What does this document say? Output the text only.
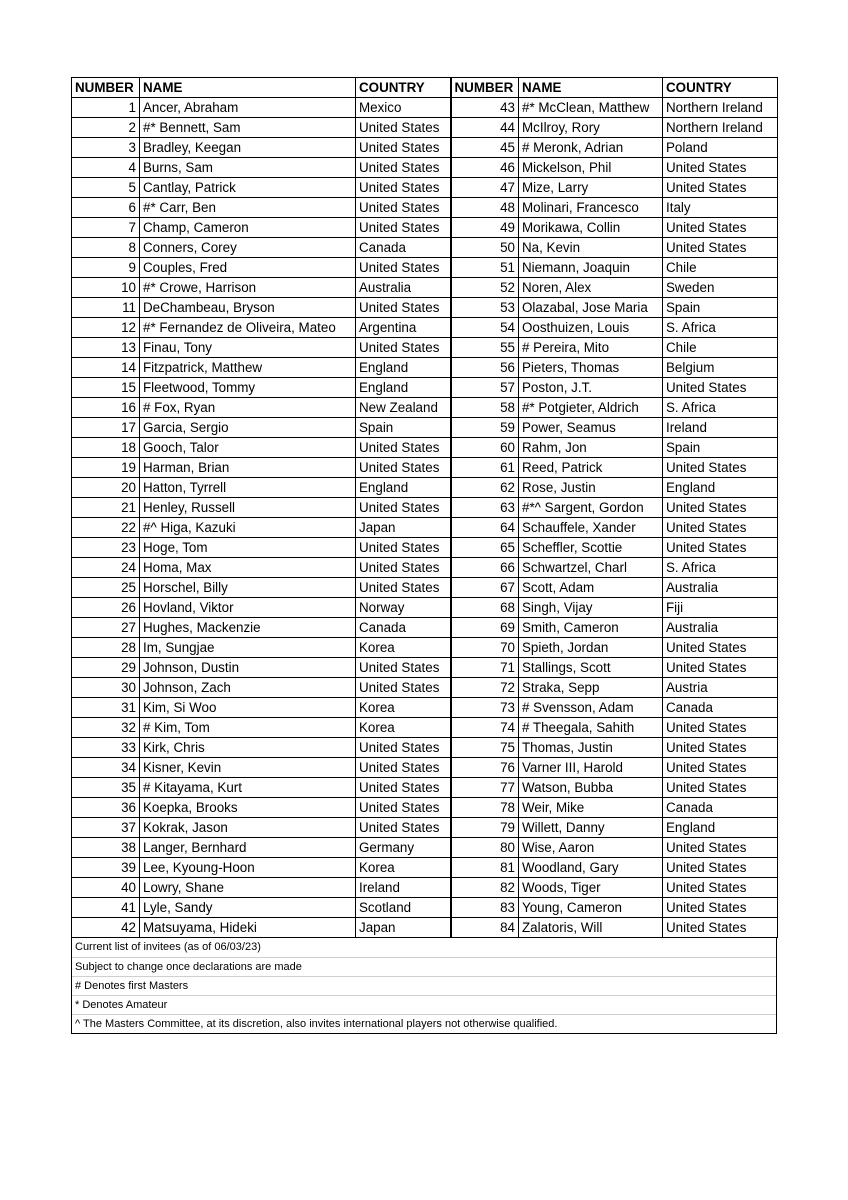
NUMBER	NAME	COUNTRY	NUMBER	NAME	COUNTRY
1	Ancer, Abraham	Mexico	43	#* McClean, Matthew	Northern Ireland
2	#* Bennett, Sam	United States	44	McIlroy, Rory	Northern Ireland
3	Bradley, Keegan	United States	45	# Meronk, Adrian	Poland
4	Burns, Sam	United States	46	Mickelson, Phil	United States
5	Cantlay, Patrick	United States	47	Mize, Larry	United States
6	#* Carr, Ben	United States	48	Molinari, Francesco	Italy
7	Champ, Cameron	United States	49	Morikawa, Collin	United States
8	Conners, Corey	Canada	50	Na, Kevin	United States
9	Couples, Fred	United States	51	Niemann, Joaquin	Chile
10	#* Crowe, Harrison	Australia	52	Noren, Alex	Sweden
11	DeChambeau, Bryson	United States	53	Olazabal, Jose Maria	Spain
12	#* Fernandez de Oliveira, Mateo	Argentina	54	Oosthuizen, Louis	S. Africa
13	Finau, Tony	United States	55	# Pereira, Mito	Chile
14	Fitzpatrick, Matthew	England	56	Pieters, Thomas	Belgium
15	Fleetwood, Tommy	England	57	Poston, J.T.	United States
16	# Fox, Ryan	New Zealand	58	#* Potgieter, Aldrich	S. Africa
17	Garcia, Sergio	Spain	59	Power, Seamus	Ireland
18	Gooch, Talor	United States	60	Rahm, Jon	Spain
19	Harman, Brian	United States	61	Reed, Patrick	United States
20	Hatton, Tyrrell	England	62	Rose, Justin	England
21	Henley, Russell	United States	63	#*^ Sargent, Gordon	United States
22	#^ Higa, Kazuki	Japan	64	Schauffele, Xander	United States
23	Hoge, Tom	United States	65	Scheffler, Scottie	United States
24	Homa, Max	United States	66	Schwartzel, Charl	S. Africa
25	Horschel, Billy	United States	67	Scott, Adam	Australia
26	Hovland, Viktor	Norway	68	Singh, Vijay	Fiji
27	Hughes, Mackenzie	Canada	69	Smith, Cameron	Australia
28	Im, Sungjae	Korea	70	Spieth, Jordan	United States
29	Johnson, Dustin	United States	71	Stallings, Scott	United States
30	Johnson, Zach	United States	72	Straka, Sepp	Austria
31	Kim, Si Woo	Korea	73	# Svensson, Adam	Canada
32	# Kim, Tom	Korea	74	# Theegala, Sahith	United States
33	Kirk, Chris	United States	75	Thomas, Justin	United States
34	Kisner, Kevin	United States	76	Varner III, Harold	United States
35	# Kitayama, Kurt	United States	77	Watson, Bubba	United States
36	Koepka, Brooks	United States	78	Weir, Mike	Canada
37	Kokrak, Jason	United States	79	Willett, Danny	England
38	Langer, Bernhard	Germany	80	Wise, Aaron	United States
39	Lee, Kyoung-Hoon	Korea	81	Woodland, Gary	United States
40	Lowry, Shane	Ireland	82	Woods, Tiger	United States
41	Lyle, Sandy	Scotland	83	Young, Cameron	United States
42	Matsuyama, Hideki	Japan	84	Zalatoris, Will	United States
Current list of invitees (as of 06/03/23)
Subject to change once declarations are made
# Denotes first Masters
* Denotes Amateur
^ The Masters Committee, at its discretion, also invites international players not otherwise qualified.
